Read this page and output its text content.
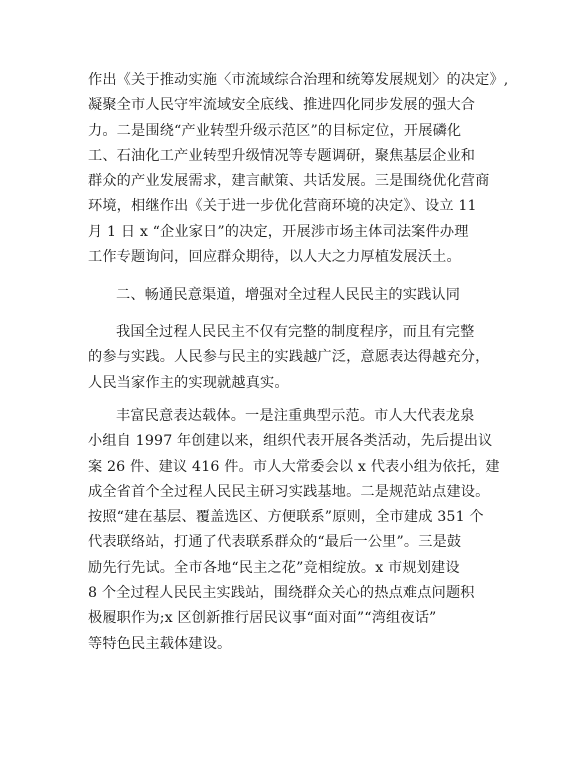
作出《关于推动实施〈市流域综合治理和统筹发展规划〉的决定》,
凝聚全市人民守牢流域安全底线、推进四化同步发展的强大合
力。二是围绕“产业转型升级示范区”的目标定位，开展磷化
工、石油化工产业转型升级情况等专题调研，聚焦基层企业和
群众的产业发展需求，建言献策、共话发展。三是围绕优化营商
环境，相继作出《关于进一步优化营商环境的决定》、设立 11
月 1 日 x “企业家日”的决定，开展涉市场主体司法案件办理
工作专题询问，回应群众期待，以人大之力厚植发展沃土。
二、畅通民意渠道，增强对全过程人民民主的实践认同
我国全过程人民民主不仅有完整的制度程序，而且有完整
的参与实践。人民参与民主的实践越广泛，意愿表达得越充分，
人民当家作主的实现就越真实。
丰富民意表达载体。一是注重典型示范。市人大代表龙泉
小组自 1997 年创建以来，组织代表开展各类活动，先后提出议
案 26 件、建议 416 件。市人大常委会以 x 代表小组为依托，建
成全省首个全过程人民民主研习实践基地。二是规范站点建设。
按照“建在基层、覆盖选区、方便联系”原则，全市建成 351 个
代表联络站，打通了代表联系群众的“最后一公里”。三是鼓
励先行先试。全市各地“民主之花”竞相绽放。x 市规划建设
8 个全过程人民民主实践站，围绕群众关心的热点难点问题积
极履职作为;x 区创新推行居民议事“面对面”“湾组夜话”
等特色民主载体建设。
